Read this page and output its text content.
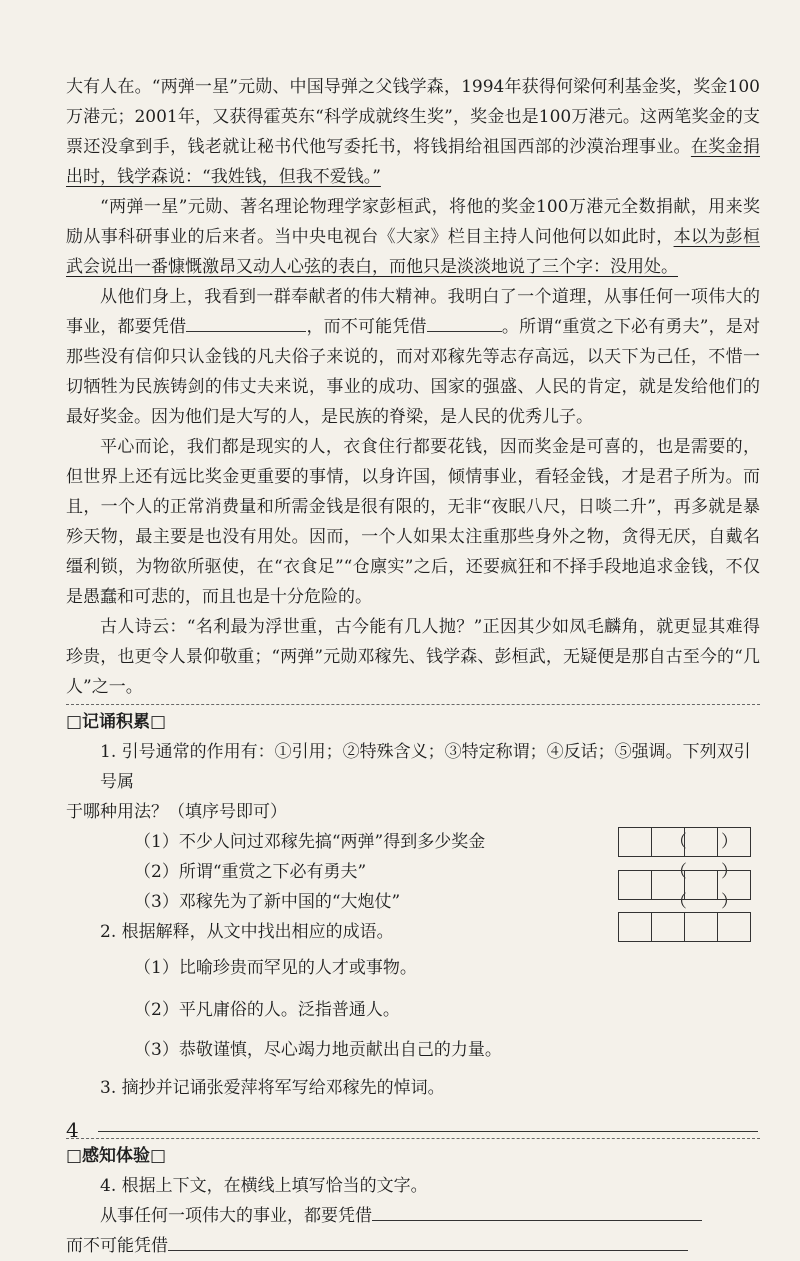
大有人在。“两弹一星”元勋、中国导弹之父钱学森，1994年获得何梁何利基金奖，奖金100万港元；2001年，又获得霍英东“科学成就终生奖”，奖金也是100万港元。这两笔奖金的支票还没拿到手，钱老就让秘书代他写委托书，将钱捐给祖国西部的沙漠治理事业。在奖金捐出时，钱学森说：“我姓钱，但我不爱钱。”

“两弹一星”元勋、著名理论物理学家彭桓武，将他的奖金100万港元全数捐献，用来奖励从事科研事业的后来者。当中央电视台《大家》栏目主持人问他何以如此时，本以为彭桓武会说出一番慷慨激昂又动人心弦的表白，而他只是淡淡地说了三个字：没用处。

从他们身上，我看到一群奉献者的伟大精神。我明白了一个道理，从事任何一项伟大的事业，都要凭借	，而不可能凭借	。所谓“重赏之下必有勇夫”，是对那些没有信仰只认金钱的凡夫俗子来说的，而对邓稼先等志存高远，以天下为己任，不惜一切牺牲为民族铸剑的伟丈夫来说，事业的成功、国家的强盛、人民的肯定，就是发给他们的最好奖金。因为他们是大写的人，是民族的脊梁，是人民的优秀儿子。

平心而论，我们都是现实的人，衣食住行都要花钱，因而奖金是可喜的，也是需要的，但世界上还有远比奖金更重要的事情，以身许国，倾情事业，看轻金钱，才是君子所为。而且，一个人的正常消费量和所需金钱是很有限的，无非“夜眠八尺，日啖二升”，再多就是暴殄天物，最主要是也没有用处。因而，一个人如果太注重那些身外之物，贪得无厌，自戴名缰利锁，为物欲所驱使，在“衣食足”“仓廪实”之后，还要疯狂和不择手段地追求金钱，不仅是愚蠢和可悲的，而且也是十分危险的。

古人诗云：“名利最为浮世重，古今能有几人抛？”正因其少如凤毛麟角，就更显其难得珍贵，也更令人景仰敬重；“两弹”元勋邓稼先、钱学森、彭桓武，无疑便是那自古至今的“几人”之一。

□记诵积累□

1. 引号通常的作用有：①引用；②特殊含义；③特定称谓；④反话；⑤强调。下列双引号属

于哪种用法？（填序号即可）

（1）不少人问过邓稼先搞“两弹”得到多少奖金	（　　）
（2）所谓“重赏之下必有勇夫”	（　　）
（3）邓稼先为了新中国的“大炮仗”	（　　）

2. 根据解释，从文中找出相应的成语。

（1）比喻珍贵而罕见的人才或事物。
（2）平凡庸俗的人。泛指普通人。
（3）恭敬谨慎，尽心竭力地贡献出自己的力量。

3. 摘抄并记诵张爱萍将军写给邓稼先的悼词。

□感知体验□

4. 根据上下文，在横线上填写恰当的文字。

从事任何一项伟大的事业，都要凭借

而不可能凭借

4
